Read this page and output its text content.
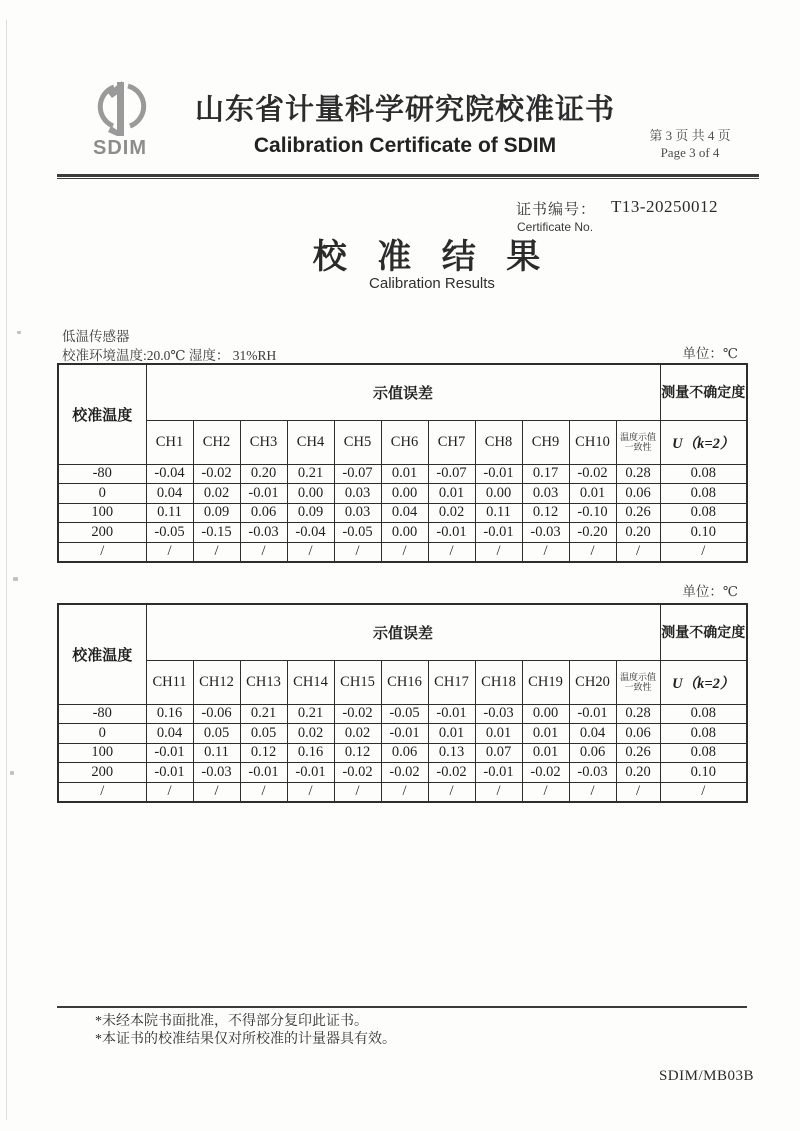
SDIM
山东省计量科学研究院校准证书
Calibration Certificate of SDIM	第 3 页 共 4 页
Page 3 of 4
证书编号： T13-20250012
Certificate No.
校 准 结 果
Calibration Results
低温传感器
校准环境温度:20.0℃ 湿度： 31%RH	单位：℃
单位：℃
校准温度	示值误差											测量不确定度
	CH1	CH2	CH3	CH4	CH5	CH6	CH7	CH8	CH9	CH10	温度示值一致性	U（k=2）
-80	-0.04	-0.02	0.20	0.21	-0.07	0.01	-0.07	-0.01	0.17	-0.02	0.28	0.08
0	0.04	0.02	-0.01	0.00	0.03	0.00	0.01	0.00	0.03	0.01	0.06	0.08
100	0.11	0.09	0.06	0.09	0.03	0.04	0.02	0.11	0.12	-0.10	0.26	0.08
200	-0.05	-0.15	-0.03	-0.04	-0.05	0.00	-0.01	-0.01	-0.03	-0.20	0.20	0.10
/	/	/	/	/	/	/	/	/	/	/	/	/
校准温度	示值误差											测量不确定度
	CH11	CH12	CH13	CH14	CH15	CH16	CH17	CH18	CH19	CH20	温度示值一致性	U（k=2）
-80	0.16	-0.06	0.21	0.21	-0.02	-0.05	-0.01	-0.03	0.00	-0.01	0.28	0.08
0	0.04	0.05	0.05	0.02	0.02	-0.01	0.01	0.01	0.01	0.04	0.06	0.08
100	-0.01	0.11	0.12	0.16	0.12	0.06	0.13	0.07	0.01	0.06	0.26	0.08
200	-0.01	-0.03	-0.01	-0.01	-0.02	-0.02	-0.02	-0.01	-0.02	-0.03	0.20	0.10
/	/	/	/	/	/	/	/	/	/	/	/	/
*未经本院书面批准，不得部分复印此证书。
*本证书的校准结果仅对所校准的计量器具有效。
SDIM/MB03B
